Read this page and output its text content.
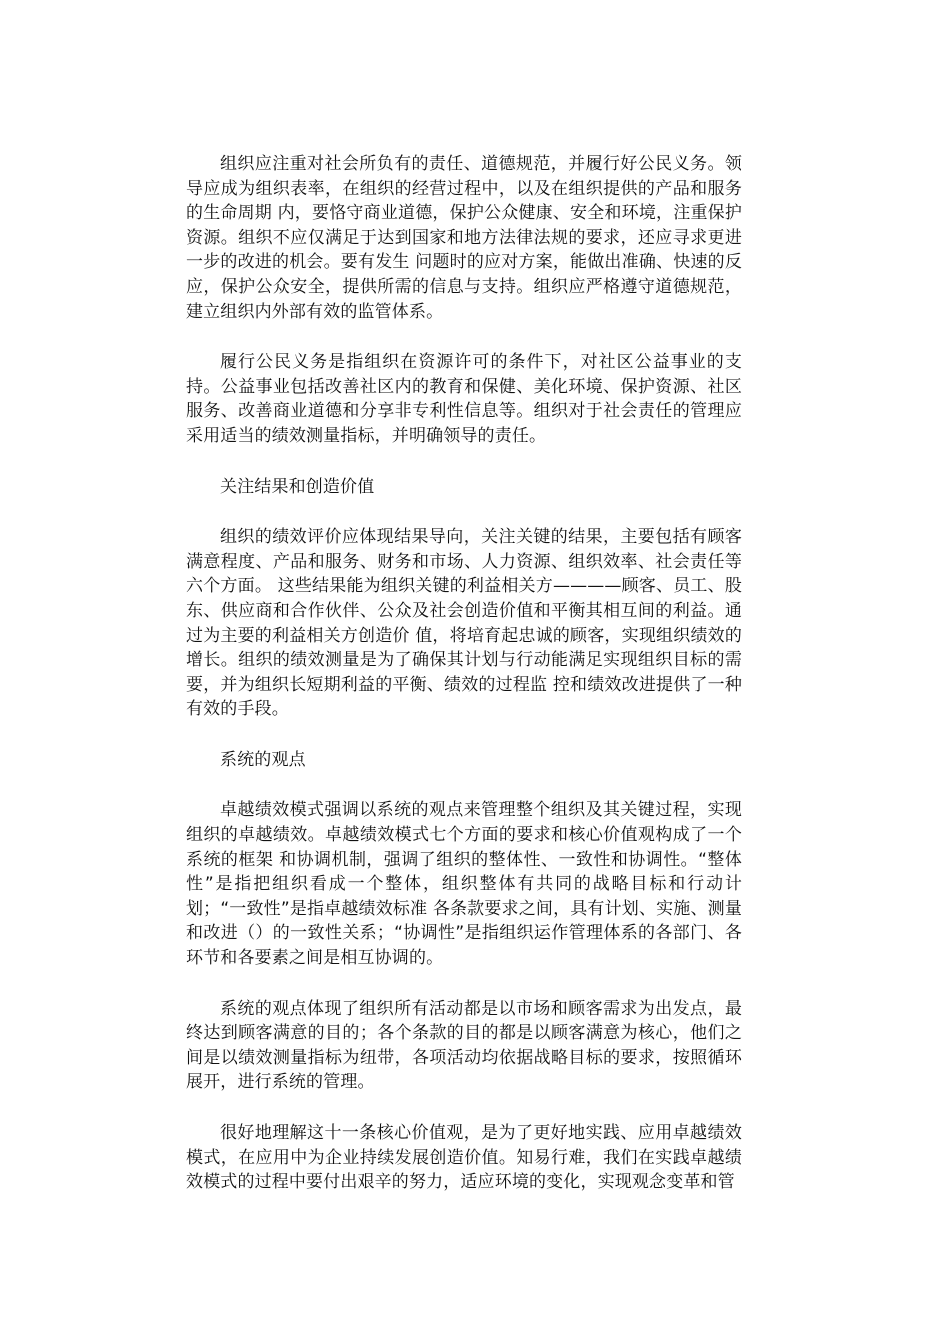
组织应注重对社会所负有的责任、道德规范，并履行好公民义务。领导应成为组织表率，在组织的经营过程中，以及在组织提供的产品和服务的生命周期 内，要恪守商业道德，保护公众健康、安全和环境，注重保护资源。组织不应仅满足于达到国家和地方法律法规的要求，还应寻求更进一步的改进的机会。要有发生 问题时的应对方案，能做出准确、快速的反应，保护公众安全，提供所需的信息与支持。组织应严格遵守道德规范，建立组织内外部有效的监管体系。

履行公民义务是指组织在资源许可的条件下，对社区公益事业的支持。公益事业包括改善社区内的教育和保健、美化环境、保护资源、社区服务、改善商业道德和分享非专利性信息等。组织对于社会责任的管理应采用适当的绩效测量指标，并明确领导的责任。

关注结果和创造价值

组织的绩效评价应体现结果导向，关注关键的结果，主要包括有顾客满意程度、产品和服务、财务和市场、人力资源、组织效率、社会责任等六个方面。 这些结果能为组织关键的利益相关方————顾客、员工、股东、供应商和合作伙伴、公众及社会创造价值和平衡其相互间的利益。通过为主要的利益相关方创造价 值，将培育起忠诚的顾客，实现组织绩效的增长。组织的绩效测量是为了确保其计划与行动能满足实现组织目标的需要，并为组织长短期利益的平衡、绩效的过程监 控和绩效改进提供了一种有效的手段。

系统的观点

卓越绩效模式强调以系统的观点来管理整个组织及其关键过程，实现组织的卓越绩效。卓越绩效模式七个方面的要求和核心价值观构成了一个系统的框架 和协调机制，强调了组织的整体性、一致性和协调性。“整体性”是指把组织看成一个整体，组织整体有共同的战略目标和行动计划；“一致性”是指卓越绩效标准 各条款要求之间，具有计划、实施、测量和改进（）的一致性关系；“协调性”是指组织运作管理体系的各部门、各环节和各要素之间是相互协调的。

系统的观点体现了组织所有活动都是以市场和顾客需求为出发点，最终达到顾客满意的目的；各个条款的目的都是以顾客满意为核心，他们之间是以绩效测量指标为纽带，各项活动均依据战略目标的要求，按照循环展开，进行系统的管理。

很好地理解这十一条核心价值观，是为了更好地实践、应用卓越绩效模式，在应用中为企业持续发展创造价值。知易行难，我们在实践卓越绩效模式的过程中要付出艰辛的努力，适应环境的变化，实现观念变革和管
